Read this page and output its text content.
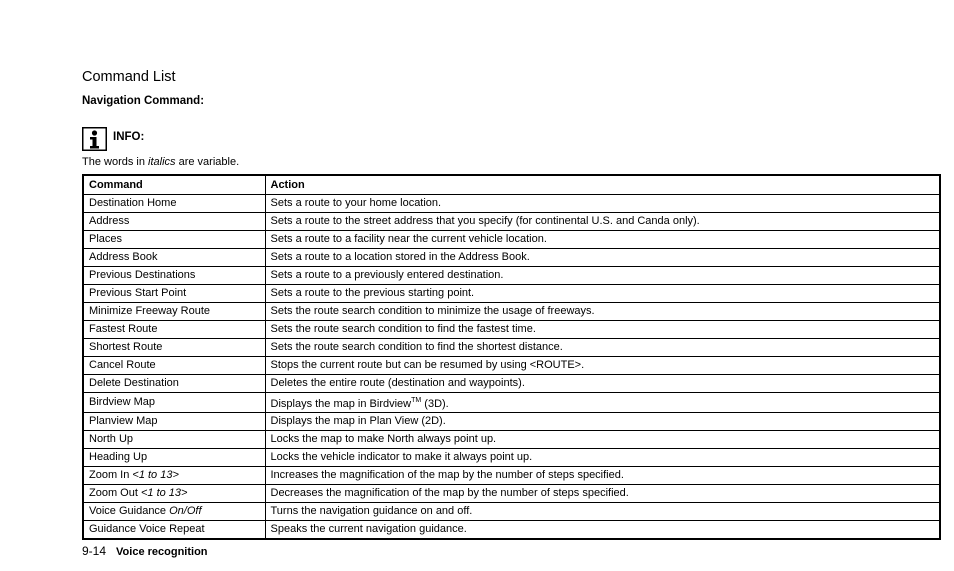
Command List
Navigation Command:
INFO:
The words in italics are variable.
Command	Action
Destination Home	Sets a route to your home location.
Address	Sets a route to the street address that you specify (for continental U.S. and Canda only).
Places	Sets a route to a facility near the current vehicle location.
Address Book	Sets a route to a location stored in the Address Book.
Previous Destinations	Sets a route to a previously entered destination.
Previous Start Point	Sets a route to the previous starting point.
Minimize Freeway Route	Sets the route search condition to minimize the usage of freeways.
Fastest Route	Sets the route search condition to find the fastest time.
Shortest Route	Sets the route search condition to find the shortest distance.
Cancel Route	Stops the current route but can be resumed by using <ROUTE>.
Delete Destination	Deletes the entire route (destination and waypoints).
Birdview Map	Displays the map in Birdview™ (3D).
Planview Map	Displays the map in Plan View (2D).
North Up	Locks the map to make North always point up.
Heading Up	Locks the vehicle indicator to make it always point up.
Zoom In <1 to 13>	Increases the magnification of the map by the number of steps specified.
Zoom Out <1 to 13>	Decreases the magnification of the map by the number of steps specified.
Voice Guidance On/Off	Turns the navigation guidance on and off.
Guidance Voice Repeat	Speaks the current navigation guidance.
9-14 Voice recognition
